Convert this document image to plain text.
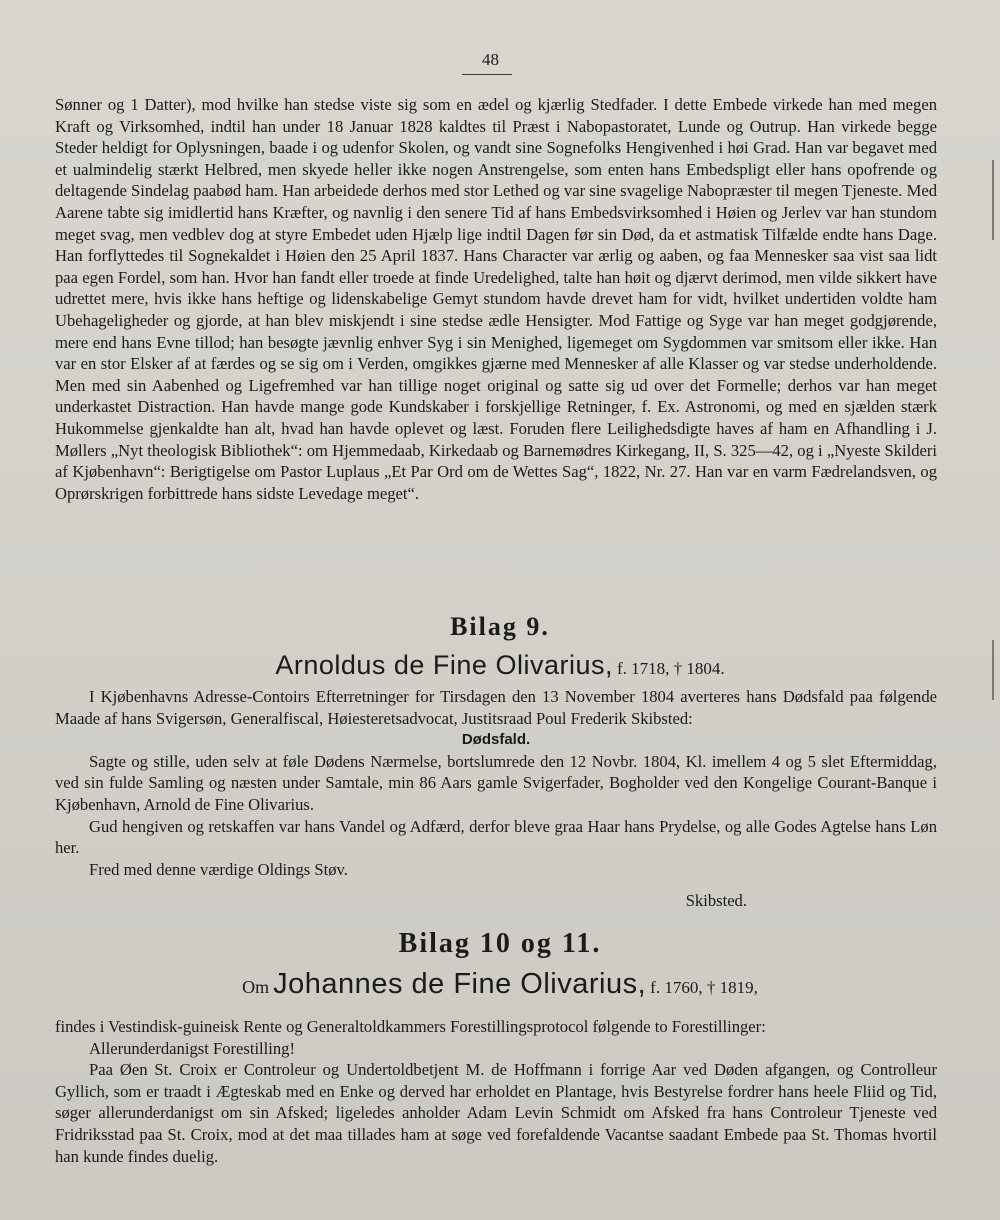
48

Sønner og 1 Datter), mod hvilke han stedse viste sig som en ædel og kjærlig Stedfader. I dette Embede virkede han med megen Kraft og Virksomhed, indtil han under 18 Januar 1828 kaldtes til Præst i Nabopastoratet, Lunde og Outrup. Han virkede begge Steder heldigt for Oplysningen, baade i og udenfor Skolen, og vandt sine Sognefolks Hengivenhed i høi Grad. Han var begavet med et ualmindelig stærkt Helbred, men skyede heller ikke nogen Anstrengelse, som enten hans Embedspligt eller hans opofrende og deltagende Sindelag paabød ham. Han arbeidede derhos med stor Lethed og var sine svagelige Nabopræster til megen Tjeneste. Med Aarene tabte sig imidlertid hans Kræfter, og navnlig i den senere Tid af hans Embedsvirksomhed i Høien og Jerlev var han stundom meget svag, men vedblev dog at styre Embedet uden Hjælp lige indtil Dagen før sin Død, da et astmatisk Tilfælde endte hans Dage. Han forflyttedes til Sognekaldet i Høien den 25 April 1837. Hans Character var ærlig og aaben, og faa Mennesker saa vist saa lidt paa egen Fordel, som han. Hvor han fandt eller troede at finde Uredelighed, talte han høit og djærvt derimod, men vilde sikkert have udrettet mere, hvis ikke hans heftige og lidenskabelige Gemyt stundom havde drevet ham for vidt, hvilket undertiden voldte ham Ubehageligheder og gjorde, at han blev miskjendt i sine stedse ædle Hensigter. Mod Fattige og Syge var han meget godgjørende, mere end hans Evne tillod; han besøgte jævnlig enhver Syg i sin Menighed, ligemeget om Sygdommen var smitsom eller ikke. Han var en stor Elsker af at færdes og se sig om i Verden, omgikkes gjærne med Mennesker af alle Klasser og var stedse underholdende. Men med sin Aabenhed og Ligefremhed var han tillige noget original og satte sig ud over det Formelle; derhos var han meget underkastet Distraction. Han havde mange gode Kundskaber i forskjellige Retninger, f. Ex. Astronomi, og med en sjælden stærk Hukommelse gjenkaldte han alt, hvad han havde oplevet og læst. Foruden flere Leilighedsdigte haves af ham en Afhandling i J. Møllers „Nyt theologisk Bibliothek“: om Hjemmedaab, Kirkedaab og Barnemødres Kirkegang, II, S. 325—42, og i „Nyeste Skilderi af Kjøbenhavn“: Berigtigelse om Pastor Luplaus „Et Par Ord om de Wettes Sag“, 1822, Nr. 27. Han var en varm Fædrelandsven, og Oprørskrigen forbittrede hans sidste Levedage meget“.

Bilag 9.
Arnoldus de Fine Olivarius, f. 1718, † 1804.

I Kjøbenhavns Adresse-Contoirs Efterretninger for Tirsdagen den 13 November 1804 averteres hans Dødsfald paa følgende Maade af hans Svigersøn, Generalfiscal, Høiesteretsadvocat, Justitsraad Poul Frederik Skibsted:

Dødsfald.

Sagte og stille, uden selv at føle Dødens Nærmelse, bortslumrede den 12 Novbr. 1804, Kl. imellem 4 og 5 slet Eftermiddag, ved sin fulde Samling og næsten under Samtale, min 86 Aars gamle Svigerfader, Bogholder ved den Kongelige Courant-Banque i Kjøbenhavn, Arnold de Fine Olivarius.

Gud hengiven og retskaffen var hans Vandel og Adfærd, derfor bleve graa Haar hans Prydelse, og alle Godes Agtelse hans Løn her.

Fred med denne værdige Oldings Støv.

Skibsted.

Bilag 10 og 11.
Om Johannes de Fine Olivarius, f. 1760, † 1819,

findes i Vestindisk-guineisk Rente og Generaltoldkammers Forestillingsprotocol følgende to Forestillinger:

Allerunderdanigst Forestilling!

Paa Øen St. Croix er Controleur og Undertoldbetjent M. de Hoffmann i forrige Aar ved Døden afgangen, og Controlleur Gyllich, som er traadt i Ægteskab med en Enke og derved har erholdet en Plantage, hvis Bestyrelse fordrer hans heele Fliid og Tid, søger allerunderdanigst om sin Afsked; ligeledes anholder Adam Levin Schmidt om Afsked fra hans Controleur Tjeneste ved Fridriksstad paa St. Croix, mod at det maa tillades ham at søge ved forefaldende Vacantse saadant Embede paa St. Thomas hvortil han kunde findes duelig.
